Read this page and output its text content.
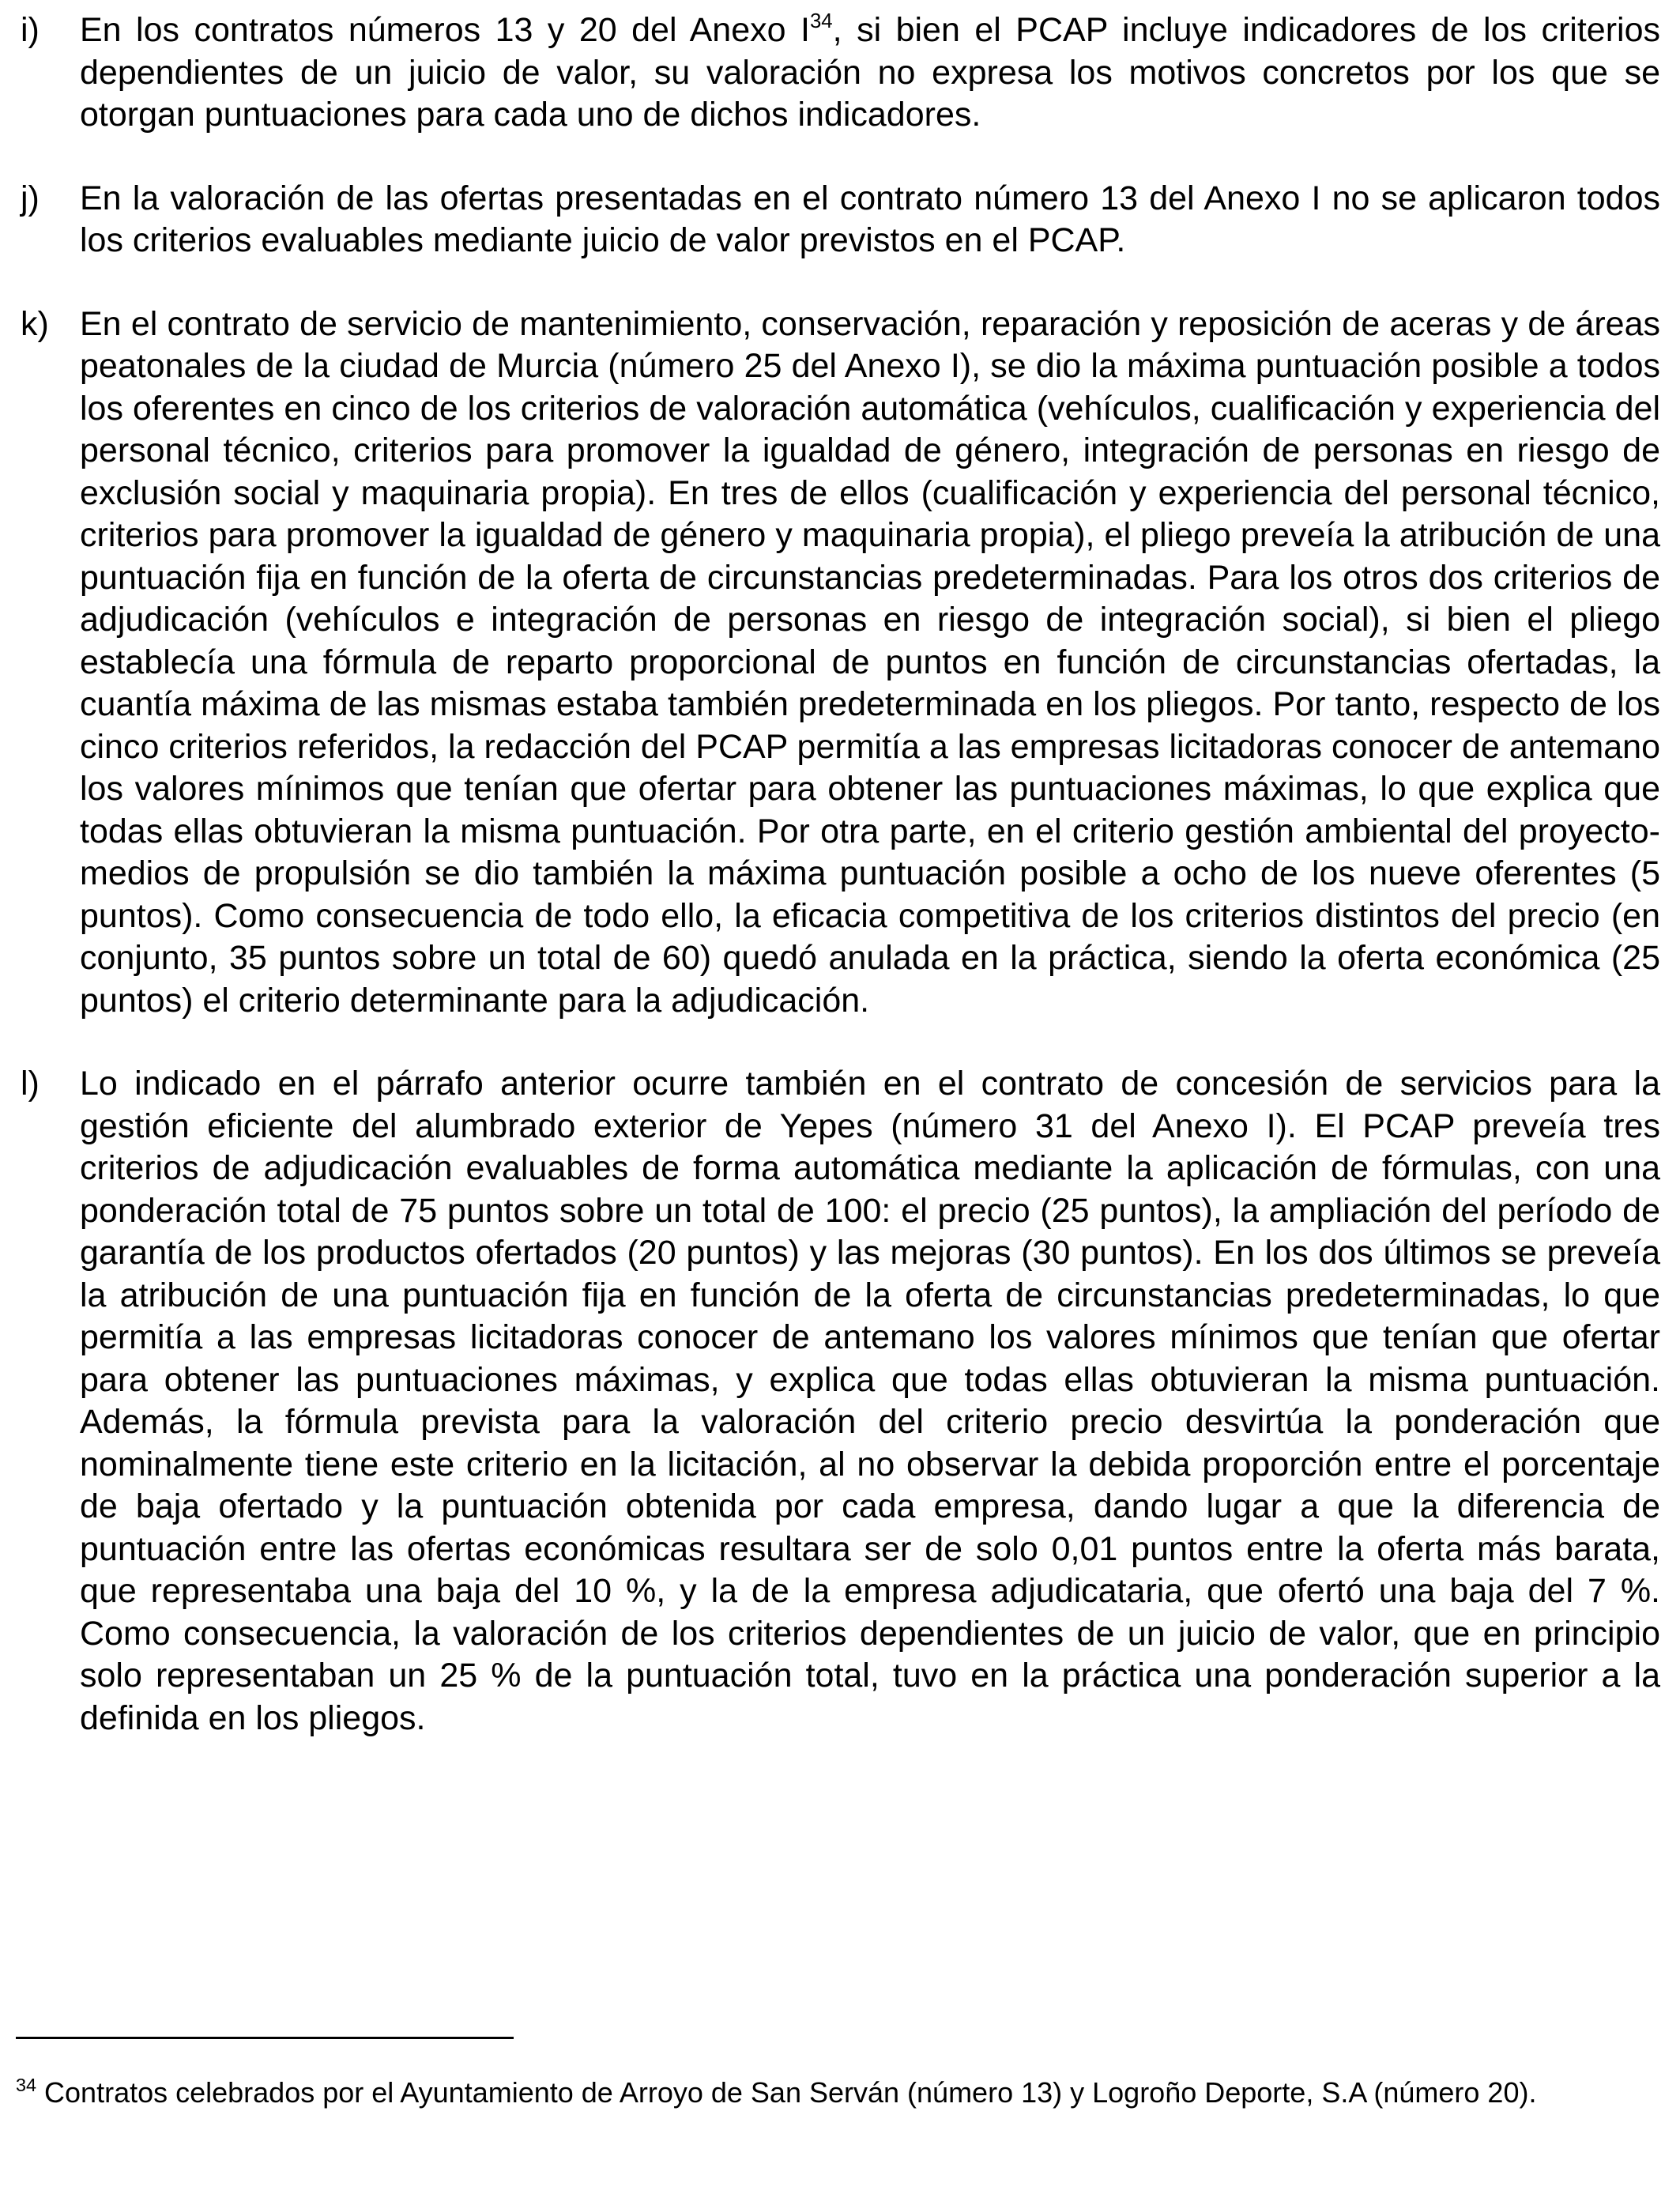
i) En los contratos números 13 y 20 del Anexo $I^{34}$, si bien el PCAP incluye indicadores de los criterios dependientes de un juicio de valor, su valoración no expresa los motivos concretos por los que se otorgan puntuaciones para cada uno de dichos indicadores.
j) En la valoración de las ofertas presentadas en el contrato número 13 del Anexo I no se aplicaron todos los criterios evaluables mediante juicio de valor previstos en el PCAP.
k) En el contrato de servicio de mantenimiento, conservación, reparación y reposición de aceras y de áreas peatonales de la ciudad de Murcia (número 25 del Anexo I), se dio la máxima puntuación posible a todos los oferentes en cinco de los criterios de valoración automática (vehículos, cualificación y experiencia del personal técnico, criterios para promover la igualdad de género, integración de personas en riesgo de exclusión social y maquinaria propia). En tres de ellos (cualificación y experiencia del personal técnico, criterios para promover la igualdad de género y maquinaria propia), el pliego preveía la atribución de una puntuación fija en función de la oferta de circunstancias predeterminadas. Para los otros dos criterios de adjudicación (vehículos e integración de personas en riesgo de integración social), si bien el pliego establecía una fórmula de reparto proporcional de puntos en función de circunstancias ofertadas, la cuantía máxima de las mismas estaba también predeterminada en los pliegos. Por tanto, respecto de los cinco criterios referidos, la redacción del PCAP permitía a las empresas licitadoras conocer de antemano los valores mínimos que tenían que ofertar para obtener las puntuaciones máximas, lo que explica que todas ellas obtuvieran la misma puntuación. Por otra parte, en el criterio gestión ambiental del proyecto-medios de propulsión se dio también la máxima puntuación posible a ocho de los nueve oferentes (5 puntos). Como consecuencia de todo ello, la eficacia competitiva de los criterios distintos del precio (en conjunto, 35 puntos sobre un total de 60) quedó anulada en la práctica, siendo la oferta económica (25 puntos) el criterio determinante para la adjudicación.
l) Lo indicado en el párrafo anterior ocurre también en el contrato de concesión de servicios para la gestión eficiente del alumbrado exterior de Yepes (número 31 del Anexo I). El PCAP preveía tres criterios de adjudicación evaluables de forma automática mediante la aplicación de fórmulas, con una ponderación total de 75 puntos sobre un total de 100: el precio (25 puntos), la ampliación del período de garantía de los productos ofertados (20 puntos) y las mejoras (30 puntos). En los dos últimos se preveía la atribución de una puntuación fija en función de la oferta de circunstancias predeterminadas, lo que permitía a las empresas licitadoras conocer de antemano los valores mínimos que tenían que ofertar para obtener las puntuaciones máximas, y explica que todas ellas obtuvieran la misma puntuación. Además, la fórmula prevista para la valoración del criterio precio desvirtúa la ponderación que nominalmente tiene este criterio en la licitación, al no observar la debida proporción entre el porcentaje de baja ofertado y la puntuación obtenida por cada empresa, dando lugar a que la diferencia de puntuación entre las ofertas económicas resultara ser de solo 0,01 puntos entre la oferta más barata, que representaba una baja del 10 %, y la de la empresa adjudicataria, que ofertó una baja del 7 %. Como consecuencia, la valoración de los criterios dependientes de un juicio de valor, que en principio solo representaban un 25 % de la puntuación total, tuvo en la práctica una ponderación superior a la definida en los pliegos.
$^{34}$ Contratos celebrados por el Ayuntamiento de Arroyo de San Serván (número 13) y Logroño Deporte, S.A (número 20).
